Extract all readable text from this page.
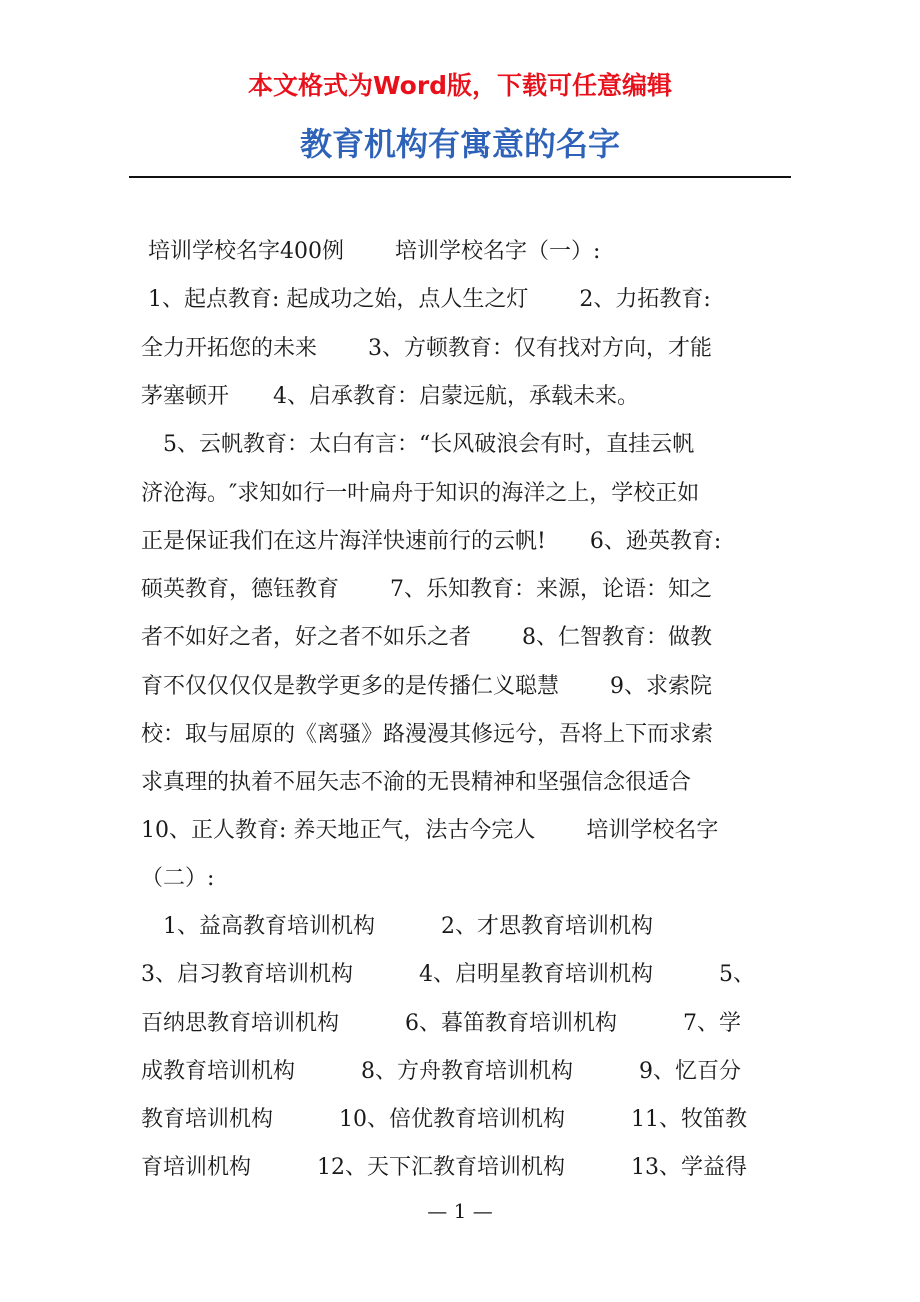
本文格式为Word版，下载可任意编辑
教育机构有寓意的名字
培训学校名字400例　　 培训学校名字（一）:
1、起点教育: 起成功之始，点人生之灯　　 2、力拓教育:
全力开拓您的未来　　 3、方顿教育：仅有找对方向，才能
茅塞顿开　　4、启承教育：启蒙远航，承载未来。
　5、云帆教育：太白有言：“长风破浪会有时，直挂云帆
济沧海。″求知如行一叶扁舟于知识的海洋之上，学校正如
正是保证我们在这片海洋快速前行的云帆!　　6、逊英教育:
硕英教育，德钰教育　　 7、乐知教育：来源，论语：知之
者不如好之者，好之者不如乐之者　　 8、仁智教育：做教
育不仅仅仅仅是教学更多的是传播仁义聪慧　　 9、求索院
校：取与屈原的《离骚》路漫漫其修远兮，吾将上下而求索
求真理的执着不屈矢志不渝的无畏精神和坚强信念很适合
10、正人教育: 养天地正气，法古今完人　　 培训学校名字
（二）:
　1、益高教育培训机构　　　2、才思教育培训机构
3、启习教育培训机构　　　4、启明星教育培训机构　　　5、
百纳思教育培训机构　　　6、暮笛教育培训机构　　　7、学
成教育培训机构　　　8、方舟教育培训机构　　　9、忆百分
教育培训机构　　　10、倍优教育培训机构　　　11、牧笛教
育培训机构　　　12、天下汇教育培训机构　　　13、学益得
— 1 —
